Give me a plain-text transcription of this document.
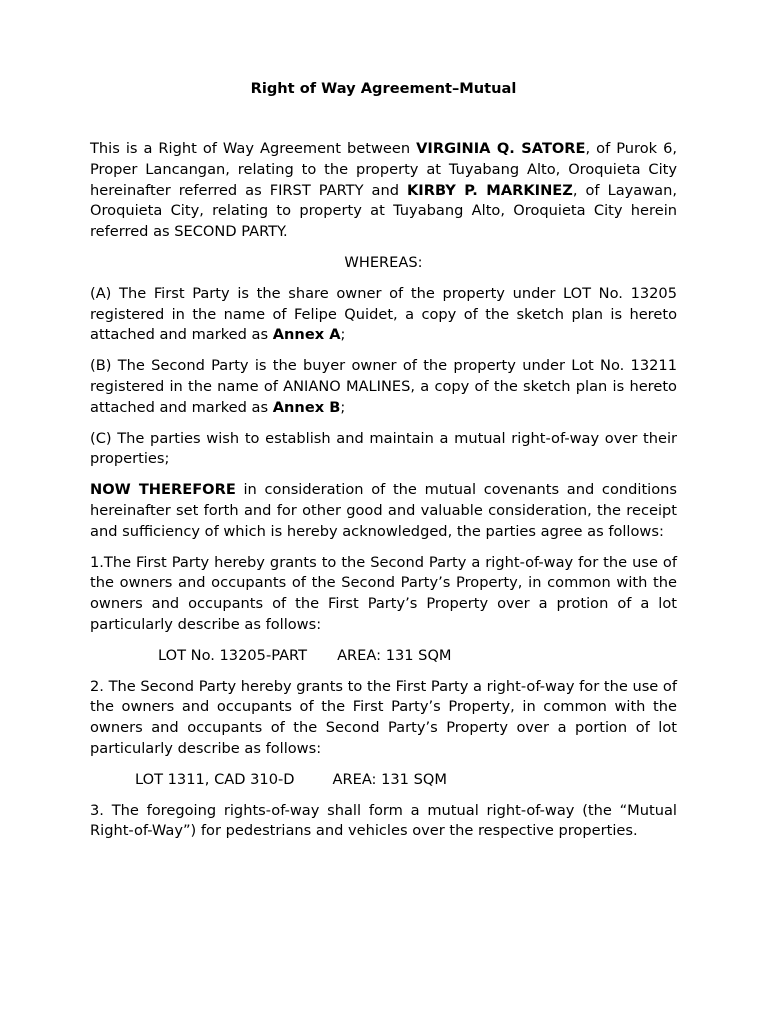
Right of Way Agreement–Mutual

This is a Right of Way Agreement between VIRGINIA Q. SATORE, of Purok 6, Proper Lancangan, relating to the property at Tuyabang Alto, Oroquieta City hereinafter referred as FIRST PARTY and KIRBY P. MARKINEZ, of Layawan, Oroquieta City, relating to property at Tuyabang Alto, Oroquieta City herein referred as SECOND PARTY.

WHEREAS:

(A) The First Party is the share owner of the property under LOT No. 13205 registered in the name of Felipe Quidet, a copy of the sketch plan is hereto attached and marked as Annex A;

(B) The Second Party is the buyer owner of the property under Lot No. 13211 registered in the name of ANIANO MALINES, a copy of the sketch plan is hereto attached and marked as Annex B;

(C) The parties wish to establish and maintain a mutual right-of-way over their properties;

NOW THEREFORE in consideration of the mutual covenants and conditions hereinafter set forth and for other good and valuable consideration, the receipt and sufficiency of which is hereby acknowledged, the parties agree as follows:

1.The First Party hereby grants to the Second Party a right-of-way for the use of the owners and occupants of the Second Party’s Property, in common with the owners and occupants of the First Party’s Property over a protion of a lot particularly describe as follows:

LOT No. 13205-PART AREA: 131 SQM

2. The Second Party hereby grants to the First Party a right-of-way for the use of the owners and occupants of the First Party’s Property, in common with the owners and occupants of the Second Party’s Property over a portion of lot particularly describe as follows:

LOT 1311, CAD 310-D	AREA: 131 SQM

3. The foregoing rights-of-way shall form a mutual right-of-way (the “Mutual Right-of-Way”) for pedestrians and vehicles over the respective properties.
